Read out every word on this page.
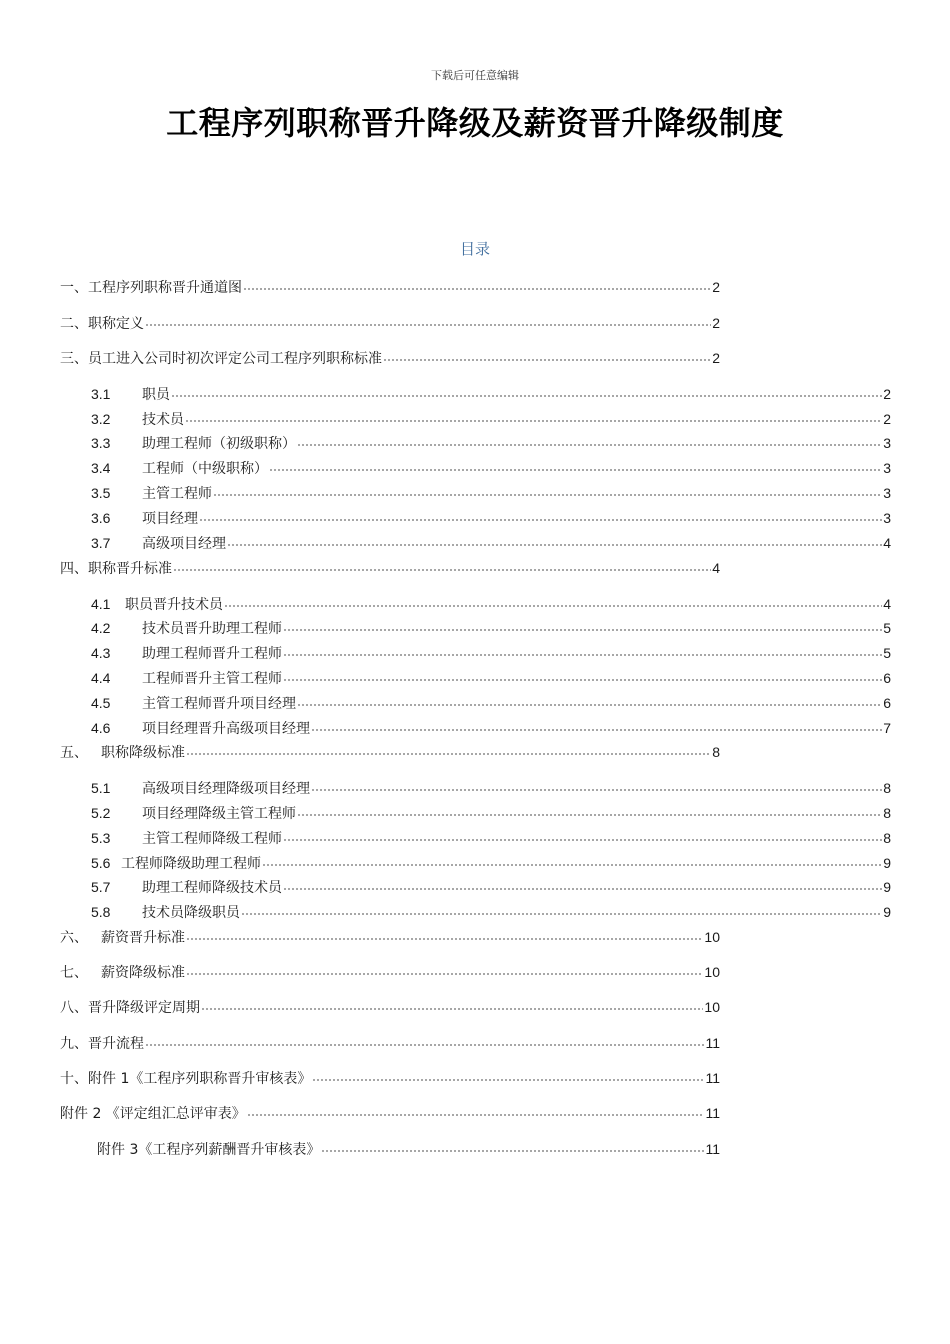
下载后可任意编辑
工程序列职称晋升降级及薪资晋升降级制度
目录
一、工程序列职称晋升通道图	2
二、职称定义	2
三、员工进入公司时初次评定公司工程序列职称标准	2
3.1	职员	2
3.2	技术员	2
3.3	助理工程师（初级职称）	3
3.4	工程师（中级职称）	3
3.5	主管工程师	3
3.6	项目经理	3
3.7	高级项目经理	4
四、职称晋升标准	4
4.1	职员晋升技术员	4
4.2	技术员晋升助理工程师	5
4.3	助理工程师晋升工程师	5
4.4	工程师晋升主管工程师	6
4.5	主管工程师晋升项目经理	6
4.6	项目经理晋升高级项目经理	7
五、 职称降级标准	8
5.1	高级项目经理降级项目经理	8
5.2	项目经理降级主管工程师	8
5.3	主管工程师降级工程师	8
5.6 工程师降级助理工程师	9
5.7	助理工程师降级技术员	9
5.8	技术员降级职员	9
六、 薪资晋升标准	10
七、 薪资降级标准	10
八、晋升降级评定周期	10
九、晋升流程	11
十、附件 1《工程序列职称晋升审核表》	11
附件 2 《评定组汇总评审表》	11
附件 3《工程序列薪酬晋升审核表》	11
